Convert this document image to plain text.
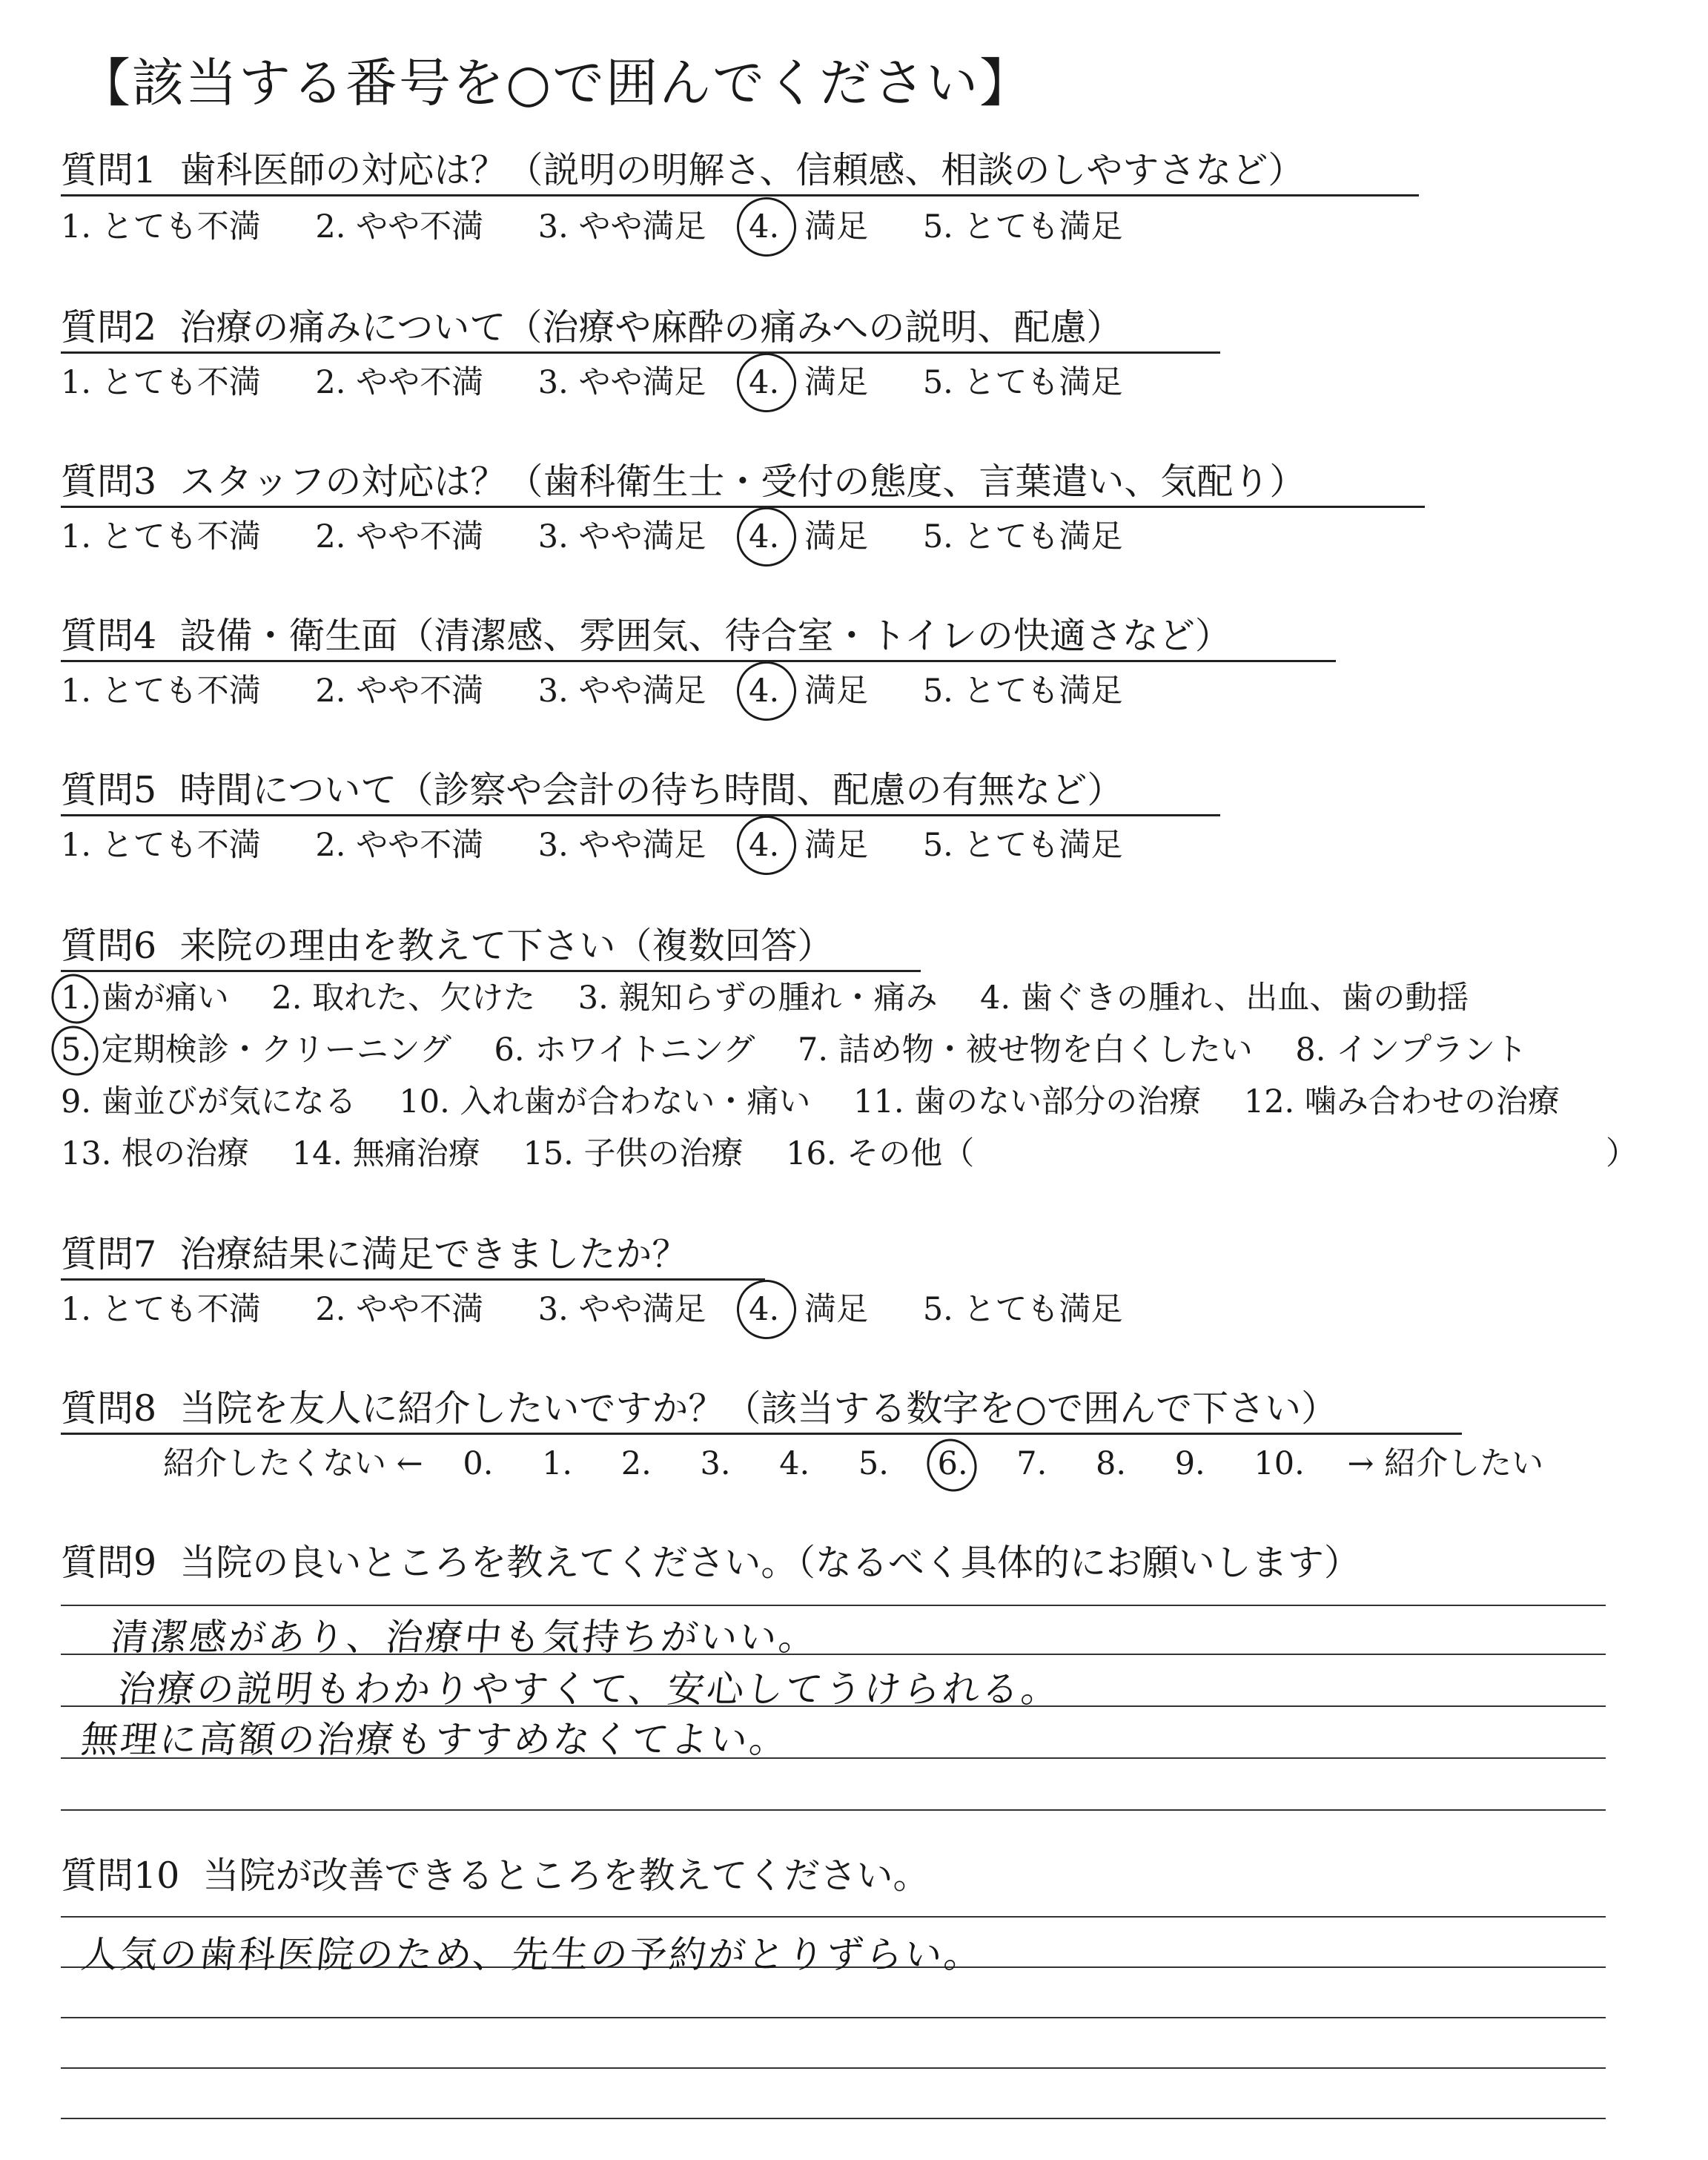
【該当する番号を○で囲んでください】
質問1 歯科医師の対応は？（説明の明解さ、信頼感、相談のしやすさなど）
1. とても不満 2. やや不満 3. やや満足 4. 満足 5. とても満足
質問2 治療の痛みについて（治療や麻酔の痛みへの説明、配慮）
1. とても不満 2. やや不満 3. やや満足 4. 満足 5. とても満足
質問3 スタッフの対応は？（歯科衛生士・受付の態度、言葉遣い、気配り）
1. とても不満 2. やや不満 3. やや満足 4. 満足 5. とても満足
質問4 設備・衛生面（清潔感、雰囲気、待合室・トイレの快適さなど）
1. とても不満 2. やや不満 3. やや満足 4. 満足 5. とても満足
質問5 時間について（診察や会計の待ち時間、配慮の有無など）
1. とても不満 2. やや不満 3. やや満足 4. 満足 5. とても満足
質問6 来院の理由を教えて下さい（複数回答）
1. 歯が痛い 2. 取れた、欠けた 3. 親知らずの腫れ・痛み 4. 歯ぐきの腫れ、出血、歯の動揺
5. 定期検診・クリーニング 6. ホワイトニング 7. 詰め物・被せ物を白くしたい 8. インプラント
9. 歯並びが気になる 10. 入れ歯が合わない・痛い 11. 歯のない部分の治療 12. 噛み合わせの治療
13. 根の治療 14. 無痛治療 15. 子供の治療 16. その他（	）
質問7 治療結果に満足できましたか？
1. とても不満 2. やや不満 3. やや満足 4. 満足 5. とても満足
質問8 当院を友人に紹介したいですか？（該当する数字を○で囲んで下さい）
紹介したくない ← 0. 1. 2. 3. 4. 5. 6. 7. 8. 9. 10. → 紹介したい
質問9 当院の良いところを教えてください。（なるべく具体的にお願いします）
清潔感があり、治療中も気持ちがいい。
治療の説明もわかりやすくて、安心してうけられる。
無理に高額の治療もすすめなくてよい。
質問10 当院が改善できるところを教えてください。
人気の歯科医院のため、先生の予約がとりずらい。
